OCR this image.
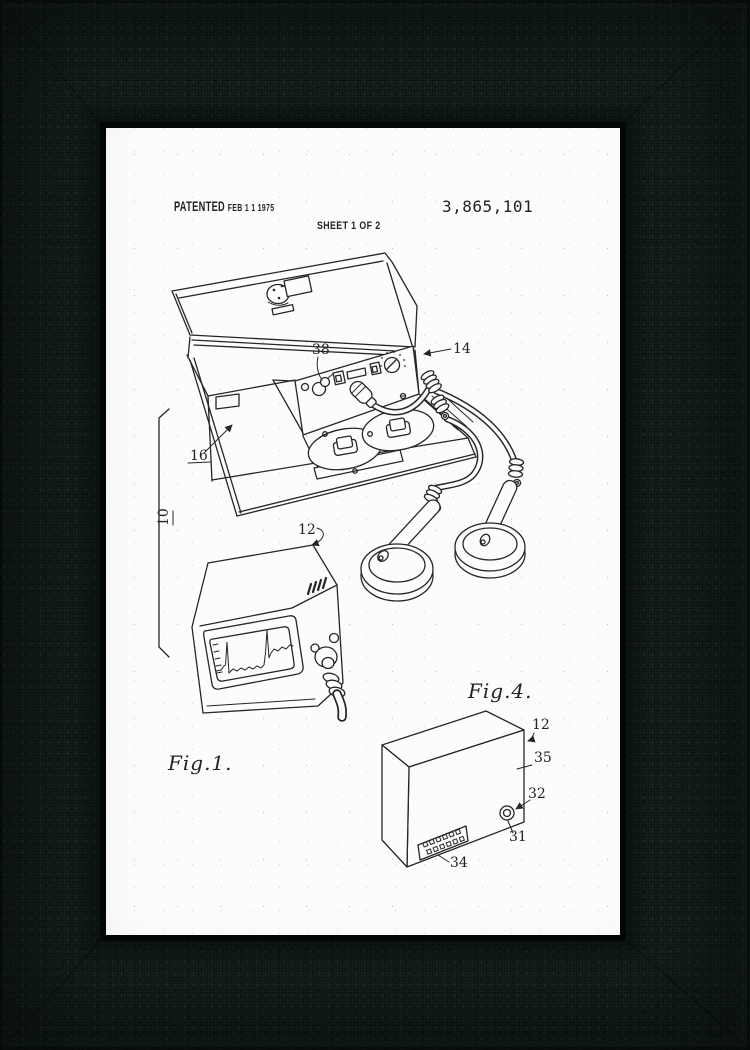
PATENTED FEB 1 1 1975	3,865,101
SHEET 1 OF 2
38	14
16
10
12
Fig.1.
12
35
32
31
34
Fig.4.
